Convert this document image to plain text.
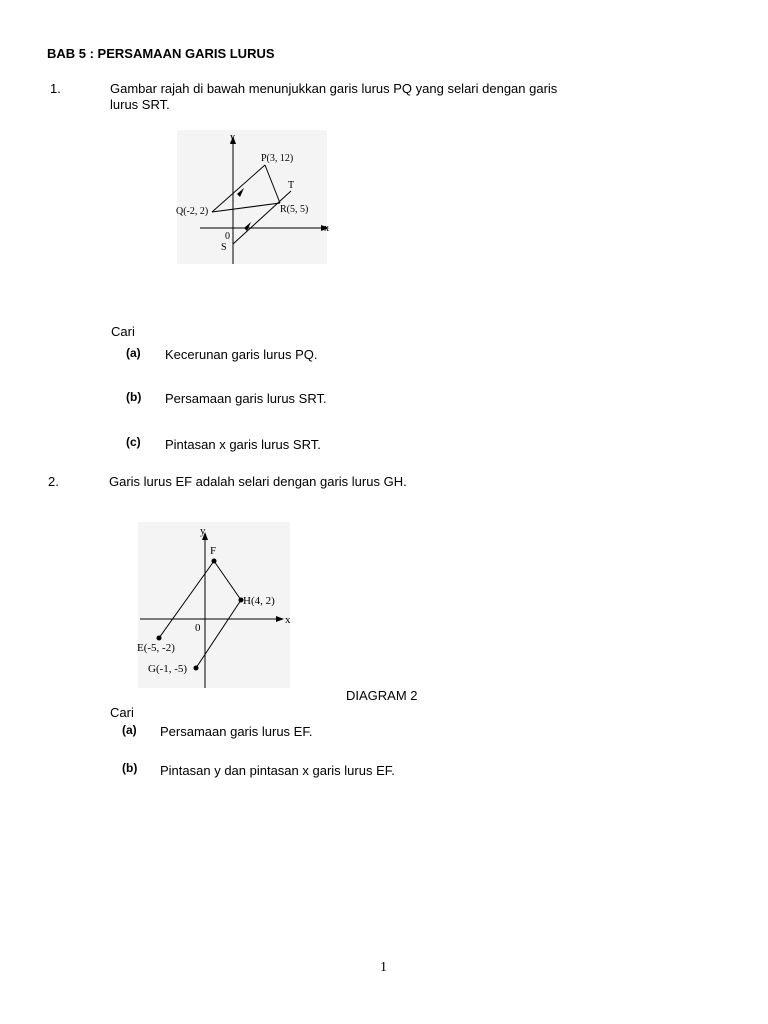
BAB 5 : PERSAMAAN GARIS LURUS
1.	Gambar rajah di bawah menunjukkan garis lurus PQ yang selari dengan garis
lurus SRT.
y
x
0
P(3, 12)
T
Q(-2, 2)	R(5, 5)
S
Cari
(a) Kecerunan garis lurus PQ.
(b) Persamaan garis lurus SRT.
(c) Pintasan x garis lurus SRT.
2.	Garis lurus EF adalah selari dengan garis lurus GH.
y
x
0
F
H(4, 2)
E(-5, -2)
G(-1, -5)
DIAGRAM 2
Cari
(a) Persamaan garis lurus EF.
(b) Pintasan y dan pintasan x garis lurus EF.
1
